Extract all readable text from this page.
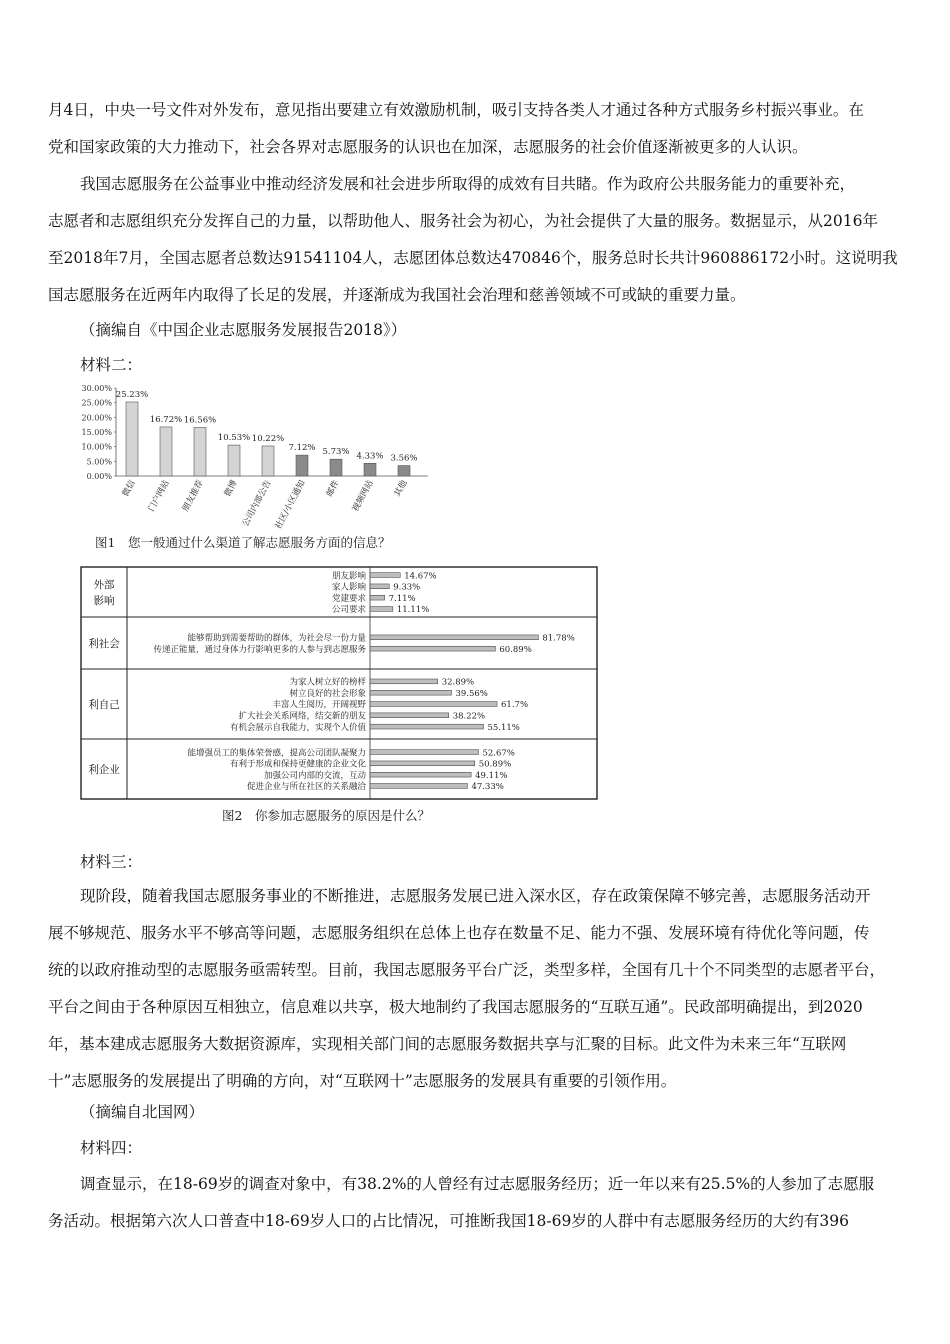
月4日，中央一号文件对外发布，意见指出要建立有效激励机制，吸引支持各类人才通过各种方式服务乡村振兴事业。在
党和国家政策的大力推动下，社会各界对志愿服务的认识也在加深，志愿服务的社会价值逐渐被更多的人认识。
我国志愿服务在公益事业中推动经济发展和社会进步所取得的成效有目共睹。作为政府公共服务能力的重要补充，
志愿者和志愿组织充分发挥自己的力量，以帮助他人、服务社会为初心，为社会提供了大量的服务。数据显示，从2016年
至2018年7月，全国志愿者总数达91541104人，志愿团体总数达470846个，服务总时长共计960886172小时。这说明我
国志愿服务在近两年内取得了长足的发展，并逐渐成为我国社会治理和慈善领域不可或缺的重要力量。

（摘编自《中国企业志愿服务发展报告2018》）

材料二：

30.00%
25.00%
20.00%
15.00%
10.00%
5.00%
0.00%
25.23%
微信
16.72%
门户网站
16.56%
朋友推荐
10.53%
微博
10.22%
公司内部公告
7.12%
社区/小区通知
5.73%
邮件
4.33%
视频网站
3.56%
其他
图1　您一般通过什么渠道了解志愿服务方面的信息？
外部
影响
朋友影响	14.67%
家人影响	9.33%
党建要求	7.11%
公司要求	11.11%
利社会	能够帮助到需要帮助的群体，为社会尽一份力量	81.78%
传递正能量，通过身体力行影响更多的人参与到志愿服务	60.89%
利自己
为家人树立好的榜样	32.89%
树立良好的社会形象	39.56%
丰富人生阅历，开阔视野	61.7%
扩大社会关系网络，结交新的朋友	38.22%
有机会展示自我能力，实现个人价值	55.11%
利企业
能增强员工的集体荣誉感，提高公司团队凝聚力	52.67%
有利于形成和保持更健康的企业文化	50.89%
加强公司内部的交流，互动	49.11%
促进企业与所在社区的关系融洽	47.33%
图2　你参加志愿服务的原因是什么？

材料三：

现阶段，随着我国志愿服务事业的不断推进，志愿服务发展已进入深水区，存在政策保障不够完善，志愿服务活动开
展不够规范、服务水平不够高等问题，志愿服务组织在总体上也存在数量不足、能力不强、发展环境有待优化等问题，传
统的以政府推动型的志愿服务亟需转型。目前，我国志愿服务平台广泛，类型多样，全国有几十个不同类型的志愿者平台，
平台之间由于各种原因互相独立，信息难以共享，极大地制约了我国志愿服务的“互联互通”。民政部明确提出，到2020
年，基本建成志愿服务大数据资源库，实现相关部门间的志愿服务数据共享与汇聚的目标。此文件为未来三年“互联网
十”志愿服务的发展提出了明确的方向，对“互联网十”志愿服务的发展具有重要的引领作用。

（摘编自北国网）

材料四：

调查显示，在18-69岁的调查对象中，有38.2%的人曾经有过志愿服务经历；近一年以来有25.5%的人参加了志愿服
务活动。根据第六次人口普查中18-69岁人口的占比情况，可推断我国18-69岁的人群中有志愿服务经历的大约有396
